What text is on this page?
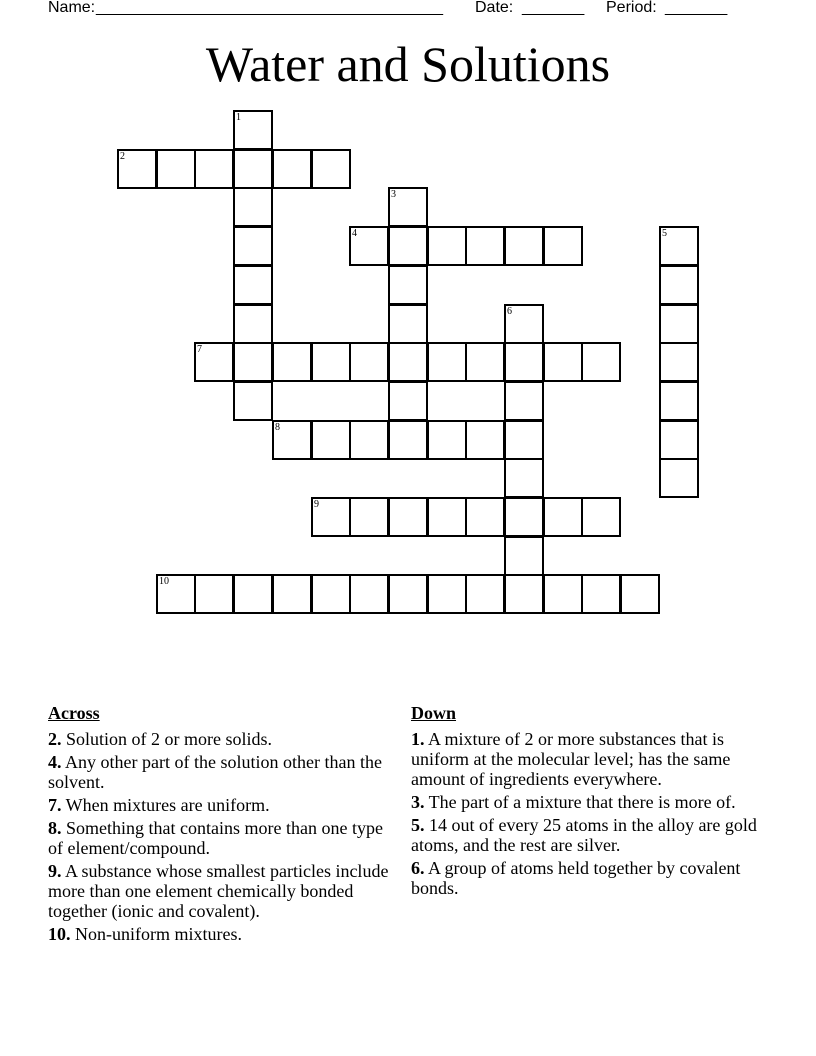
Name: _______________________________________ Date: _______ Period: _______
Water and Solutions
1
2
3
4	5
6
7
8
9
10
Across
2. Solution of 2 or more solids.
4. Any other part of the solution other than the solvent.
7. When mixtures are uniform.
8. Something that contains more than one type of element/compound.
9. A substance whose smallest particles include more than one element chemically bonded together (ionic and covalent).
10. Non-uniform mixtures.
Down
1. A mixture of 2 or more substances that is uniform at the molecular level; has the same amount of ingredients everywhere.
3. The part of a mixture that there is more of.
5. 14 out of every 25 atoms in the alloy are gold atoms, and the rest are silver.
6. A group of atoms held together by covalent bonds.
